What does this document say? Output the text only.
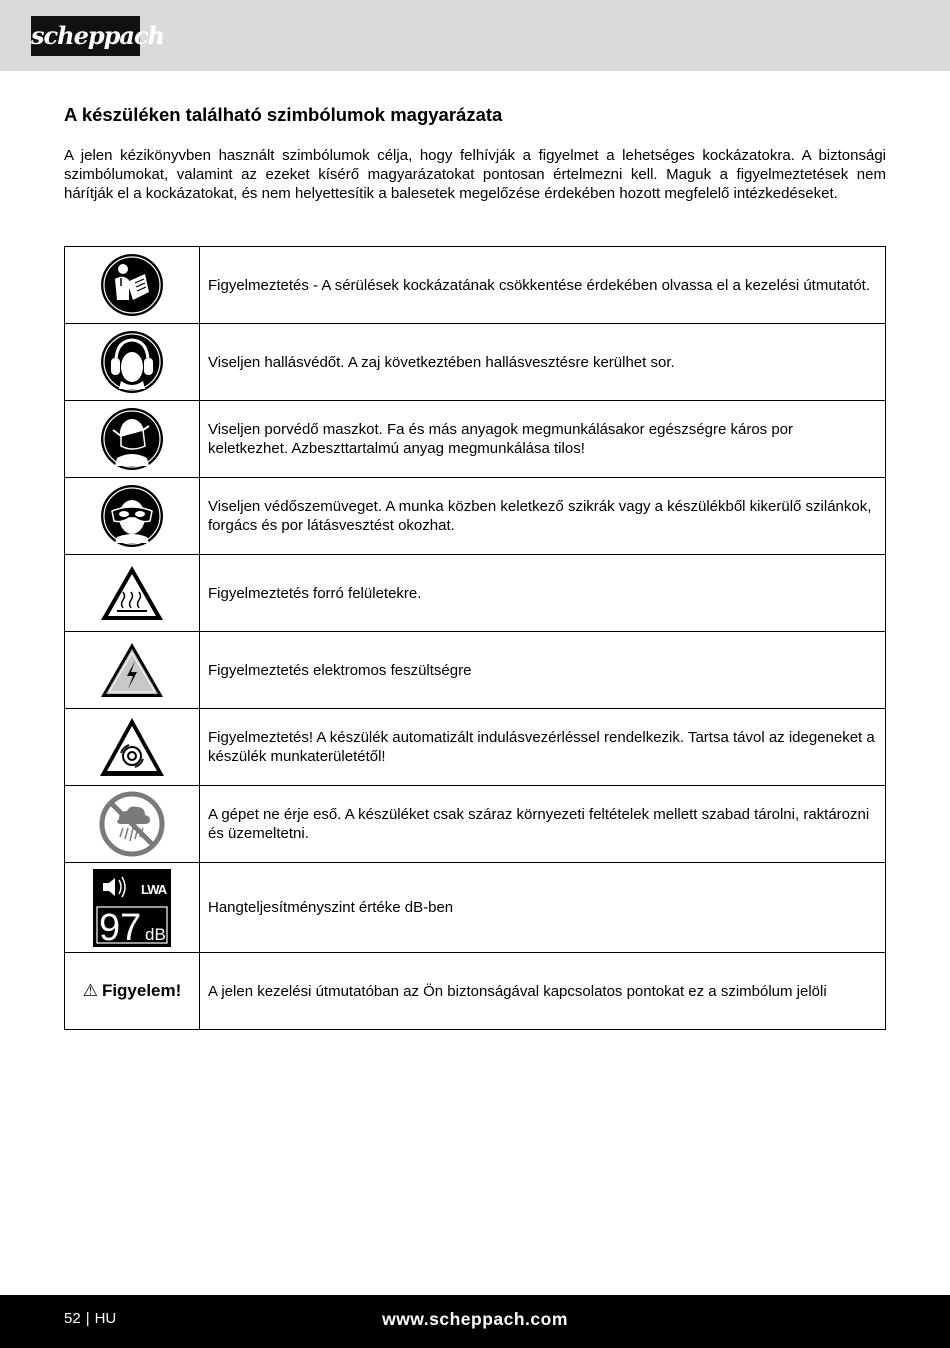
scheppach
A készüléken található szimbólumok magyarázata

A jelen kézikönyvben használt szimbólumok célja, hogy felhívják a figyelmet a lehetséges kockázatokra. A biztonsági szimbólumokat, valamint az ezeket kísérő magyarázatokat pontosan értelmezni kell. Maguk a figyelmeztetések nem hárítják el a kockázatokat, és nem helyettesítik a balesetek megelőzése érdekében hozott megfelelő intézkedéseket.

	Figyelmeztetés - A sérülések kockázatának csökkentése érdekében olvassa el a kezelési útmutatót.

	Viseljen hallásvédőt. A zaj következtében hallásvesztésre kerülhet sor.

	Viseljen porvédő maszkot. Fa és más anyagok megmunkálásakor egészségre káros por keletkezhet. Azbeszttartalmú anyag megmunkálása tilos!

	Viseljen védőszemüveget. A munka közben keletkező szikrák vagy a készülékből kikerülő szilánkok, forgács és por látásvesztést okozhat.

	Figyelmeztetés forró felületekre.

	Figyelmeztetés elektromos feszültségre

	Figyelmeztetés! A készülék automatizált indulásvezérléssel rendelkezik. Tartsa távol az idegeneket a készülék munkaterületétől!

	A gépet ne érje eső. A készüléket csak száraz környezeti feltételek mellett szabad tárolni, raktározni és üzemeltetni.

LWA
97 dB	Hangteljesítményszint értéke dB-ben
⚠ Figyelem!	A jelen kezelési útmutatóban az Ön biztonságával kapcsolatos pontokat ez a szimbólum jelöli
52 | HU	www.scheppach.com
